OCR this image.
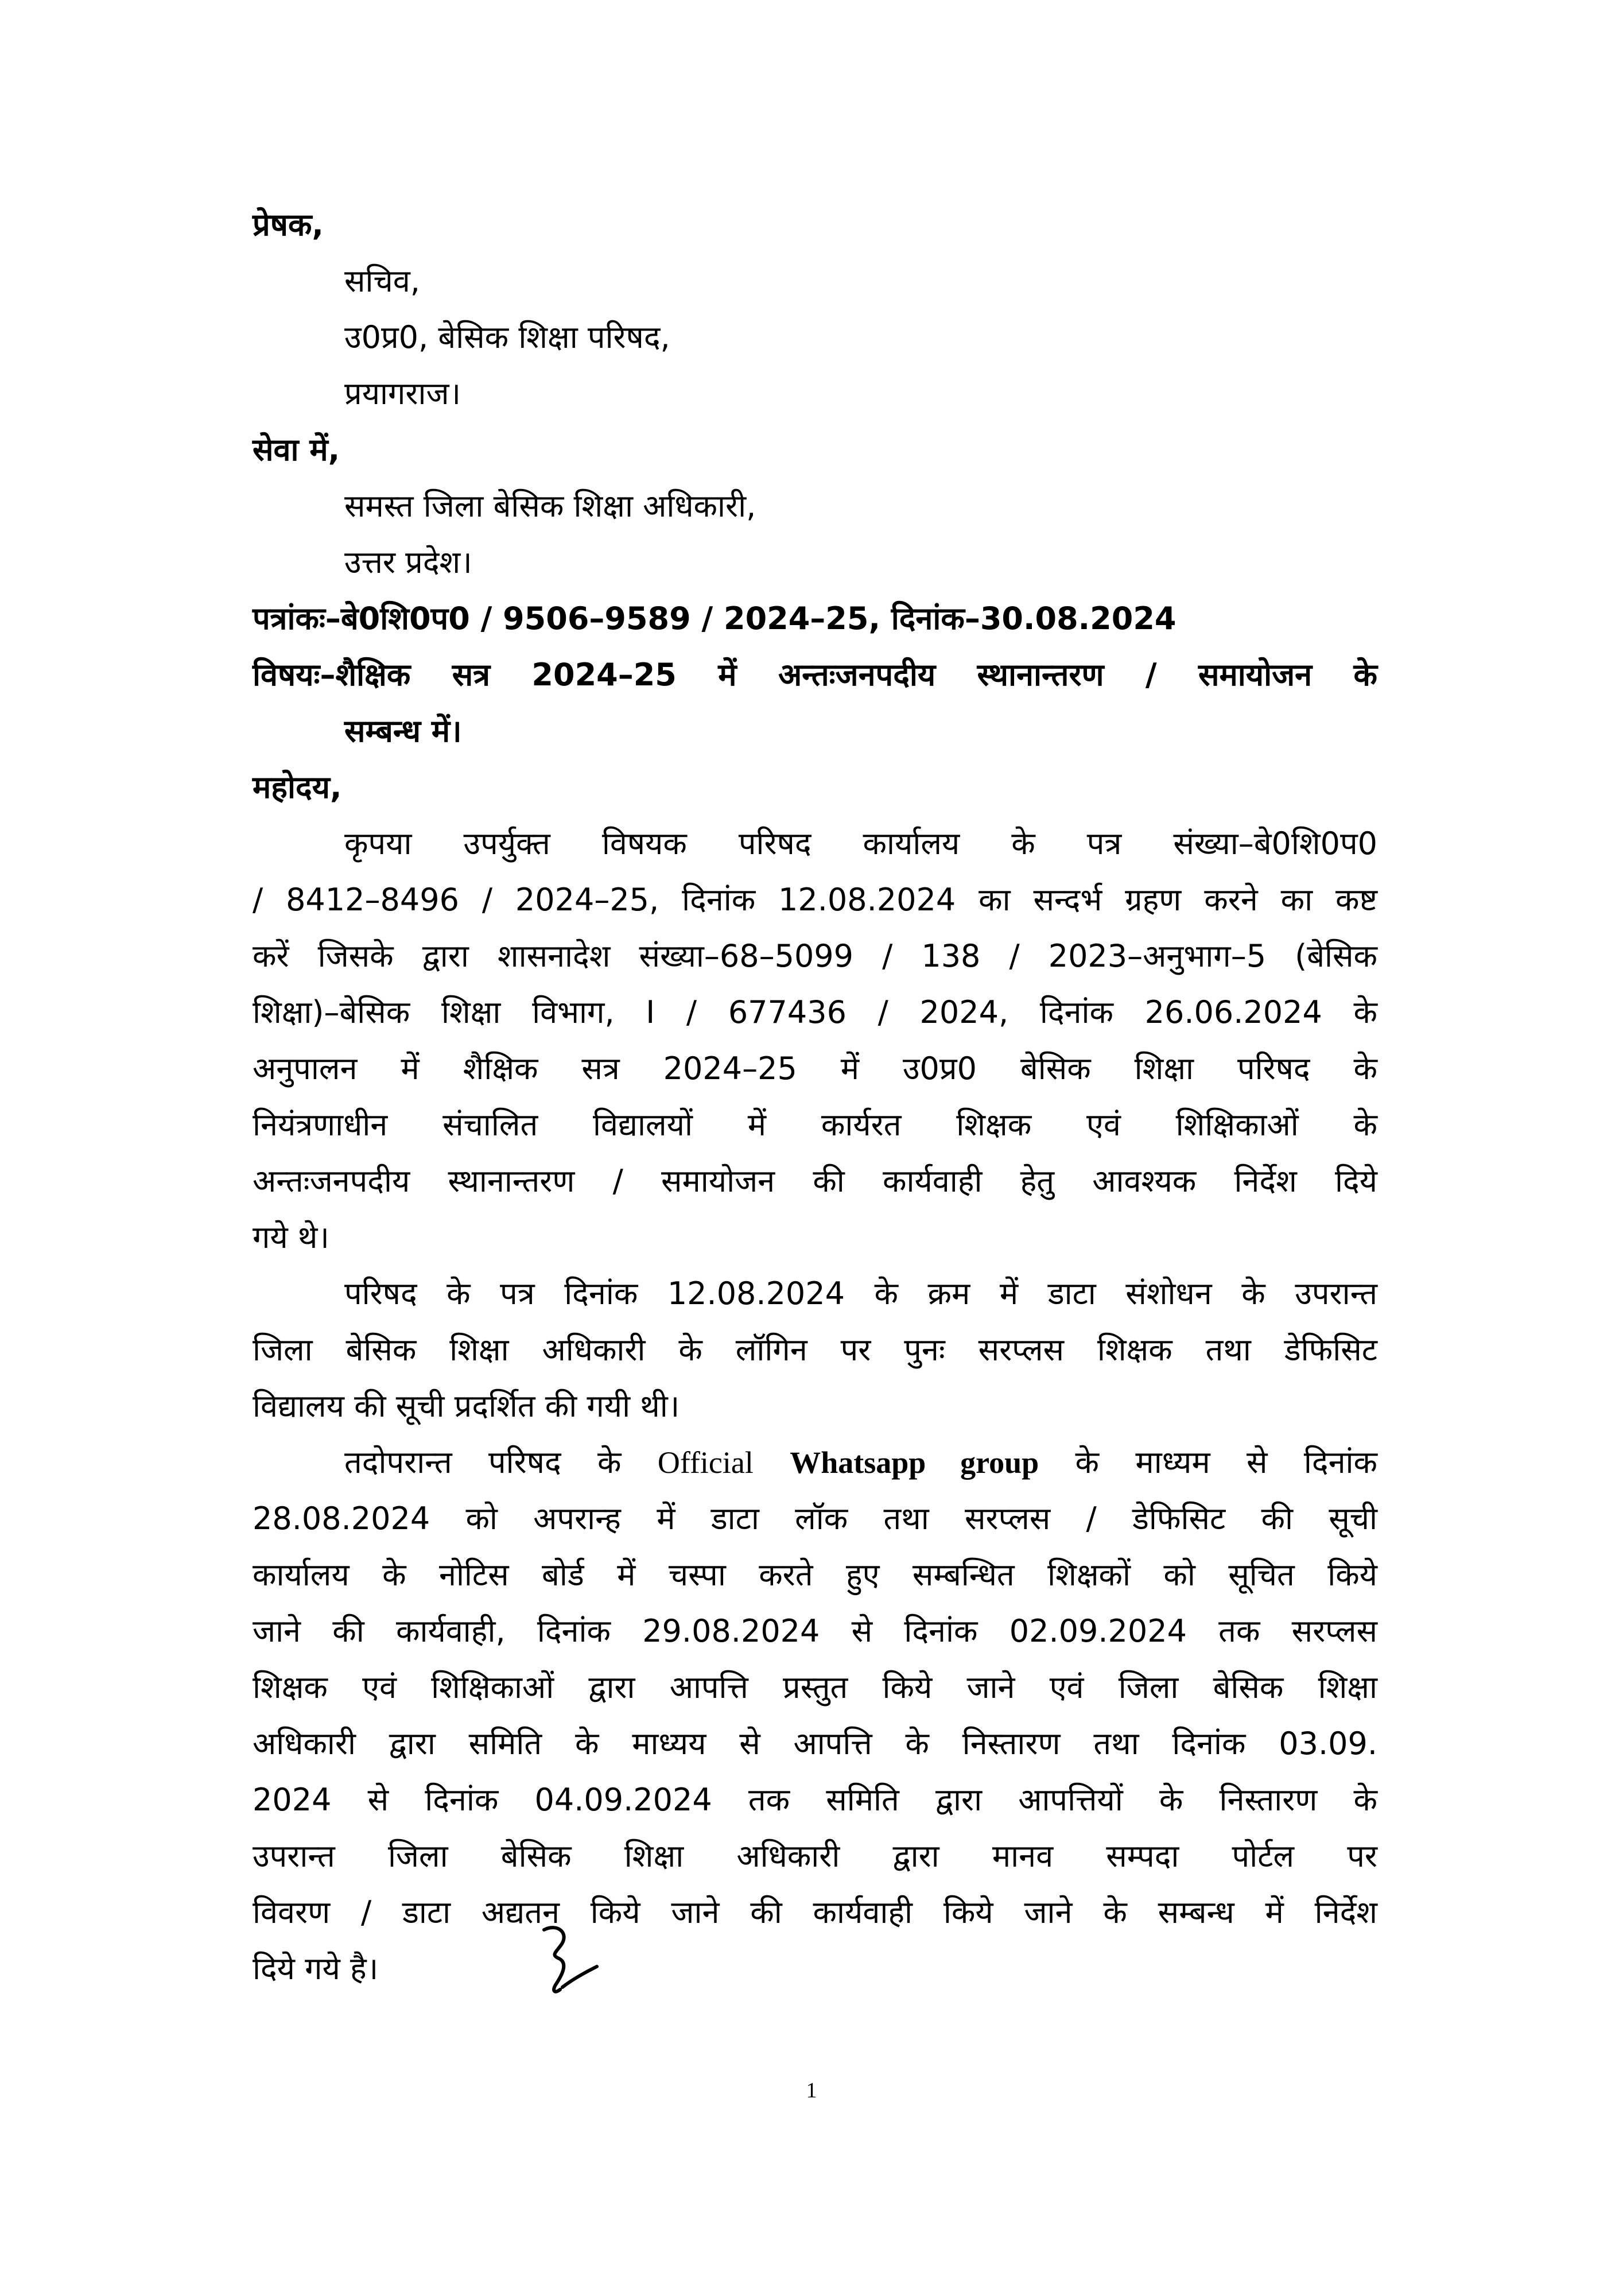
प्रेषक,
सचिव,
उ0प्र0, बेसिक शिक्षा परिषद,
प्रयागराज।
सेवा में,
समस्त जिला बेसिक शिक्षा अधिकारी,
उत्तर प्रदेश।
पत्रांकः–बे0शि0प0 / 9506–9589 / 2024–25, दिनांक–30.08.2024
विषयः–शैक्षिक सत्र 2024–25 में अन्तःजनपदीय स्थानान्तरण / समायोजन के
सम्बन्ध में।
महोदय,
कृपया उपर्युक्त विषयक परिषद कार्यालय के पत्र संख्या–बे0शि0प0
/ 8412–8496 / 2024–25, दिनांक 12.08.2024 का सन्दर्भ ग्रहण करने का कष्ट
करें जिसके द्वारा शासनादेश संख्या–68–5099 / 138 / 2023–अनुभाग–5 (बेसिक
शिक्षा)–बेसिक शिक्षा विभाग, I / 677436 / 2024, दिनांक 26.06.2024 के
अनुपालन में शैक्षिक सत्र 2024–25 में उ0प्र0 बेसिक शिक्षा परिषद के
नियंत्रणाधीन संचालित विद्यालयों में कार्यरत शिक्षक एवं शिक्षिकाओं के
अन्तःजनपदीय स्थानान्तरण / समायोजन की कार्यवाही हेतु आवश्यक निर्देश दिये
गये थे।
परिषद के पत्र दिनांक 12.08.2024 के क्रम में डाटा संशोधन के उपरान्त
जिला बेसिक शिक्षा अधिकारी के लॉगिन पर पुनः सरप्लस शिक्षक तथा डेफिसिट
विद्यालय की सूची प्रदर्शित की गयी थी।
तदोपरान्त परिषद के Official Whatsapp group के माध्यम से दिनांक
28.08.2024 को अपरान्ह में डाटा लॉक तथा सरप्लस / डेफिसिट की सूची
कार्यालय के नोटिस बोर्ड में चस्पा करते हुए सम्बन्धित शिक्षकों को सूचित किये
जाने की कार्यवाही, दिनांक 29.08.2024 से दिनांक 02.09.2024 तक सरप्लस
शिक्षक एवं शिक्षिकाओं द्वारा आपत्ति प्रस्तुत किये जाने एवं जिला बेसिक शिक्षा
अधिकारी द्वारा समिति के माध्यय से आपत्ति के निस्तारण तथा दिनांक 03.09.
2024 से दिनांक 04.09.2024 तक समिति द्वारा आपत्तियों के निस्तारण के
उपरान्त जिला बेसिक शिक्षा अधिकारी द्वारा मानव सम्पदा पोर्टल पर
विवरण / डाटा अद्यतन किये जाने की कार्यवाही किये जाने के सम्बन्ध में निर्देश
दिये गये है।
1
